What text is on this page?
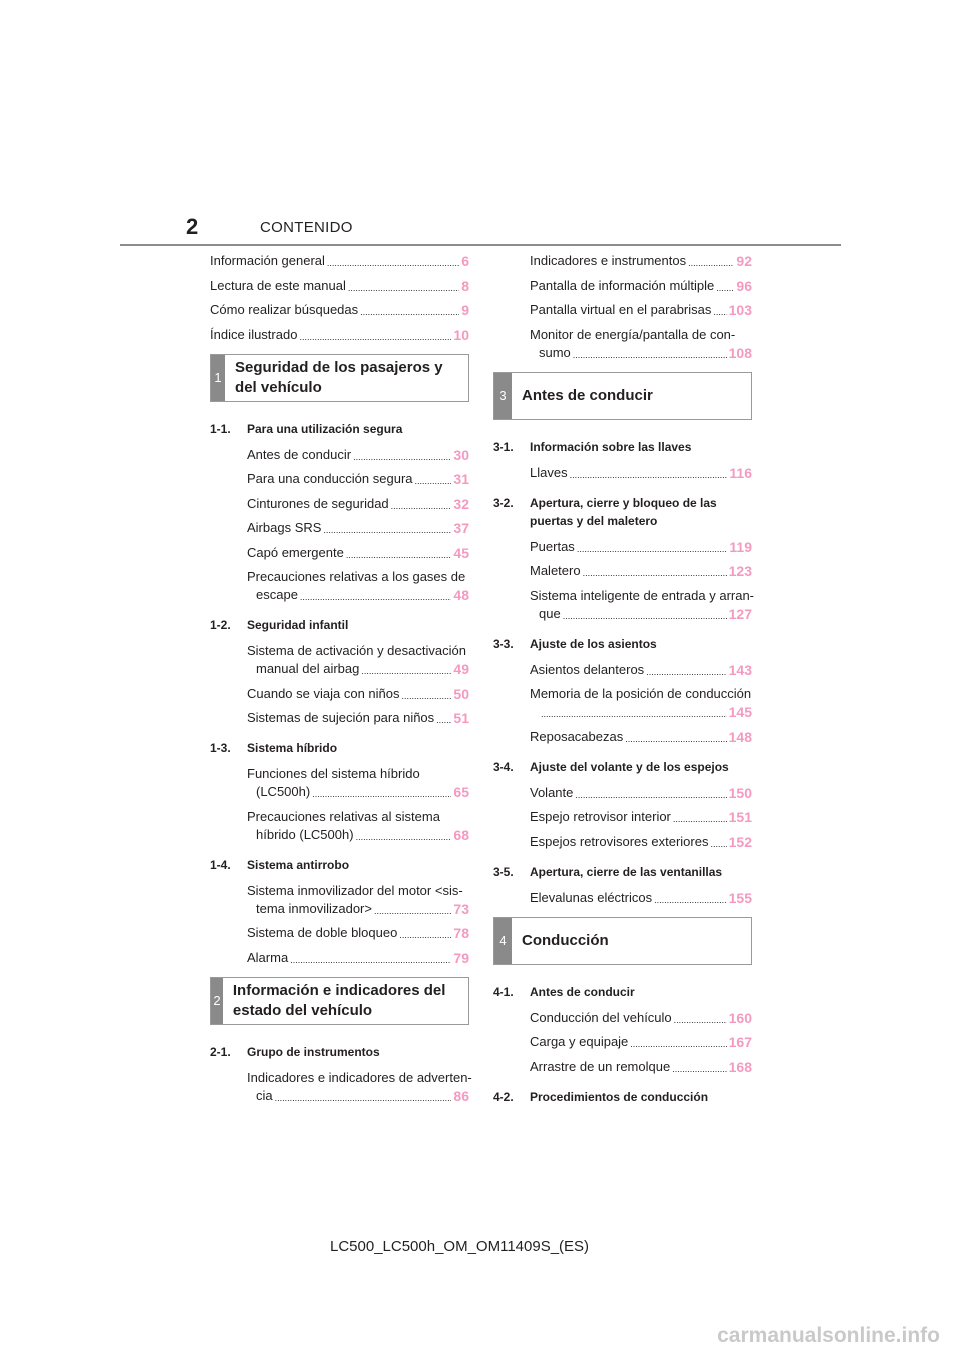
2	CONTENIDO
Información general .....	6
Lectura de este manual .....	8
Cómo realizar búsquedas .....	9
Índice ilustrado .....	10
1
Seguridad de los pasajeros y del vehículo
1-1.	Para una utilización segura
Antes de conducir .....	30
Para una conducción segura .....	31
Cinturones de seguridad .....	32
Airbags SRS .....	37
Capó emergente .....	45
Precauciones relativas a los gases de
escape .....	48
1-2.	Seguridad infantil
Sistema de activación y desactivación
manual del airbag .....	49
Cuando se viaja con niños .....	50
Sistemas de sujeción para niños ..... 51
1-3.	Sistema híbrido
Funciones del sistema híbrido
(LC500h) .....	65
Precauciones relativas al sistema
híbrido (LC500h) .....	68
1-4.	Sistema antirrobo
Sistema inmovilizador del motor <sis-
tema inmovilizador> .....	73
Sistema de doble bloqueo .....	78
Alarma .....	79
2
Información e indicadores del estado del vehículo
2-1.	Grupo de instrumentos
Indicadores e indicadores de adverten-
cia .....	86
Indicadores e instrumentos .....	92
Pantalla de información múltiple ..... 96
Pantalla virtual en el parabrisas ..... 103
Monitor de energía/pantalla de con-
sumo .....	108
3	Antes de conducir
3-1.	Información sobre las llaves
Llaves .....	116
3-2. Apertura, cierre y bloqueo de las puertas y del maletero
Puertas .....	119
Maletero .....	123
Sistema inteligente de entrada y arran-
que .....	127
3-3.	Ajuste de los asientos
Asientos delanteros .....	143
Memoria de la posición de conducción
.....
145
Reposacabezas .....	148
3-4.	Ajuste del volante y de los espejos
Volante .....	150
Espejo retrovisor interior .....	151
Espejos retrovisores exteriores ..... 152
3-5.	Apertura, cierre de las ventanillas
Elevalunas eléctricos .....	155
4	Conducción
4-1.	Antes de conducir
Conducción del vehículo .....	160
Carga y equipaje .....	167
Arrastre de un remolque .....	168
4-2.	Procedimientos de conducción
LC500_LC500h_OM_OM11409S_(ES)
carmanualsonline.info
